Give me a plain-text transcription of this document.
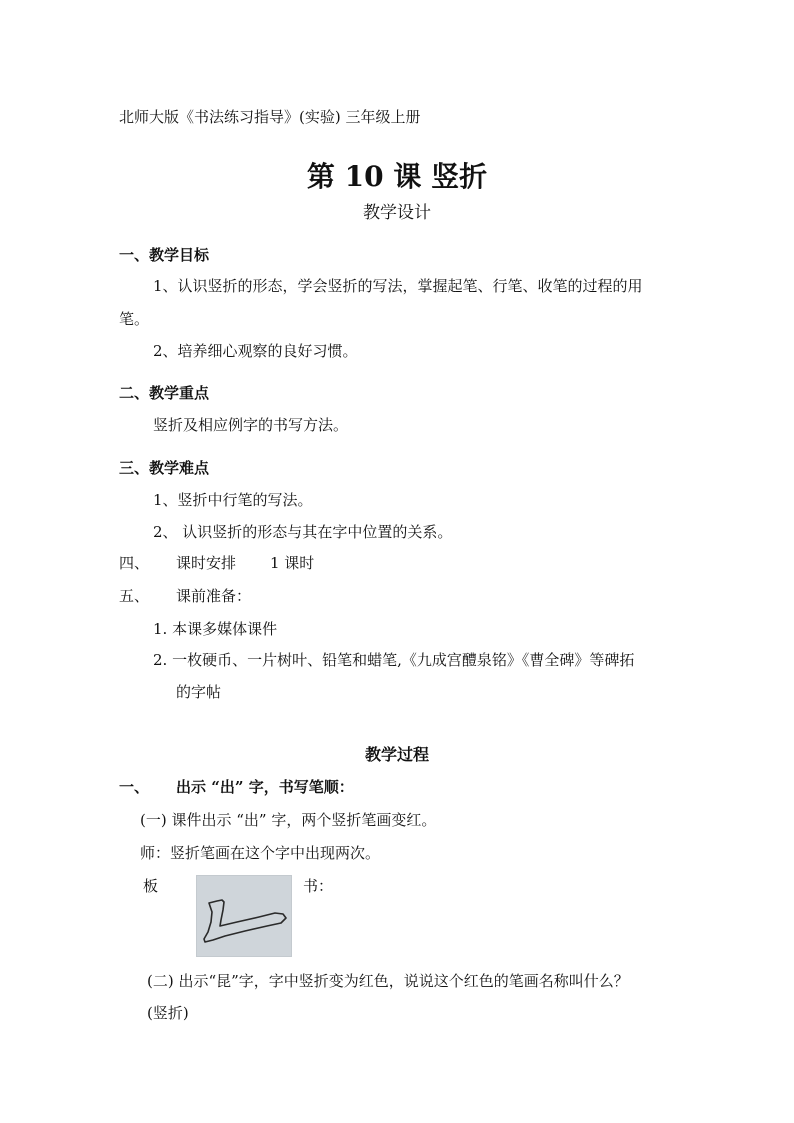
北师大版《书法练习指导》(实验) 三年级上册
第 10 课 竖折
教学设计
一、教学目标
1、认识竖折的形态，学会竖折的写法，掌握起笔、行笔、收笔的过程的用
笔。
2、培养细心观察的良好习惯。
二、教学重点
竖折及相应例字的书写方法。
三、教学难点
1、竖折中行笔的写法。
2、 认识竖折的形态与其在字中位置的关系。
四、 课时安排 1 课时
五、 课前准备：
1. 本课多媒体课件
2. 一枚硬币、一片树叶、铅笔和蜡笔,《九成宫醴泉铭》《曹全碑》等碑拓
的字帖
教学过程
一、 出示 “出” 字，书写笔顺：
(一) 课件出示 “出” 字，两个竖折笔画变红。
师：竖折笔画在这个字中出现两次。
板	书：
(二) 出示“昆”字，字中竖折变为红色，说说这个红色的笔画名称叫什么？
(竖折)
